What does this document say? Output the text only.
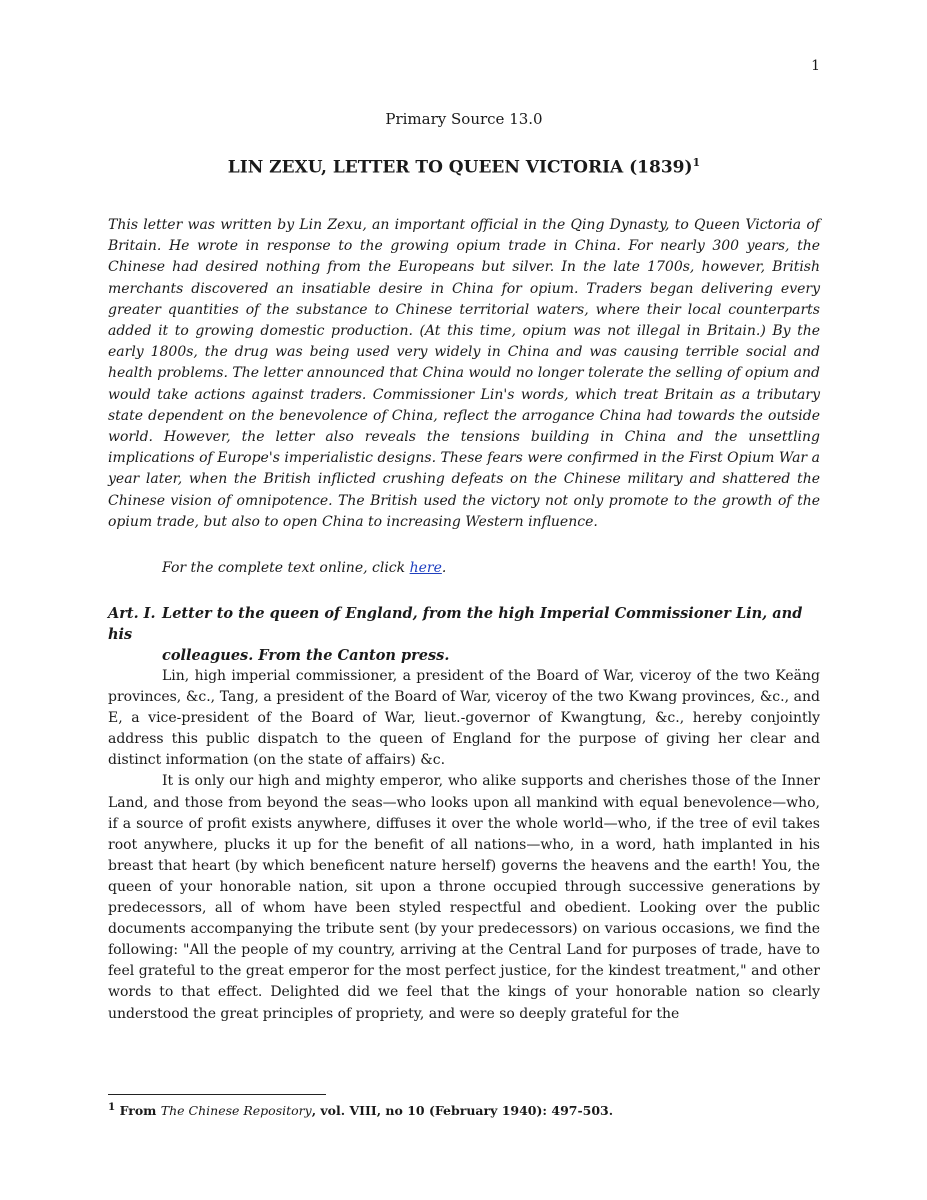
1

Primary Source 13.0

LIN ZEXU, LETTER TO QUEEN VICTORIA $(1839)^1$

This letter was written by Lin Zexu, an important official in the Qing Dynasty, to Queen Victoria of Britain. He wrote in response to the growing opium trade in China. For nearly 300 years, the Chinese had desired nothing from the Europeans but silver. In the late 1700s, however, British merchants discovered an insatiable desire in China for opium. Traders began delivering every greater quantities of the substance to Chinese territorial waters, where their local counterparts added it to growing domestic production. (At this time, opium was not illegal in Britain.) By the early 1800s, the drug was being used very widely in China and was causing terrible social and health problems. The letter announced that China would no longer tolerate the selling of opium and would take actions against traders. Commissioner Lin's words, which treat Britain as a tributary state dependent on the benevolence of China, reflect the arrogance China had towards the outside world. However, the letter also reveals the tensions building in China and the unsettling implications of Europe's imperialistic designs. These fears were confirmed in the First Opium War a year later, when the British inflicted crushing defeats on the Chinese military and shattered the Chinese vision of omnipotence. The British used the victory not only promote to the growth of the opium trade, but also to open China to increasing Western influence.

For the complete text online, click here.

Art. I. Letter to the queen of England, from the high Imperial Commissioner Lin, and his
colleagues. From the Canton press.

Lin, high imperial commissioner, a president of the Board of War, viceroy of the two Keäng provinces, &c., Tang, a president of the Board of War, viceroy of the two Kwang provinces, &c., and E, a vice-president of the Board of War, lieut.-governor of Kwangtung, &c., hereby conjointly address this public dispatch to the queen of England for the purpose of giving her clear and distinct information (on the state of affairs) &c.

It is only our high and mighty emperor, who alike supports and cherishes those of the Inner Land, and those from beyond the seas—who looks upon all mankind with equal benevolence—who, if a source of profit exists anywhere, diffuses it over the whole world—who, if the tree of evil takes root anywhere, plucks it up for the benefit of all nations—who, in a word, hath implanted in his breast that heart (by which beneficent nature herself) governs the heavens and the earth! You, the queen of your honorable nation, sit upon a throne occupied through successive generations by predecessors, all of whom have been styled respectful and obedient. Looking over the public documents accompanying the tribute sent (by your predecessors) on various occasions, we find the following: "All the people of my country, arriving at the Central Land for purposes of trade, have to feel grateful to the great emperor for the most perfect justice, for the kindest treatment," and other words to that effect. Delighted did we feel that the kings of your honorable nation so clearly understood the great principles of propriety, and were so deeply grateful for the

$^1$ From The Chinese Repository, vol. VIII, no 10 (February 1940): 497-503.
